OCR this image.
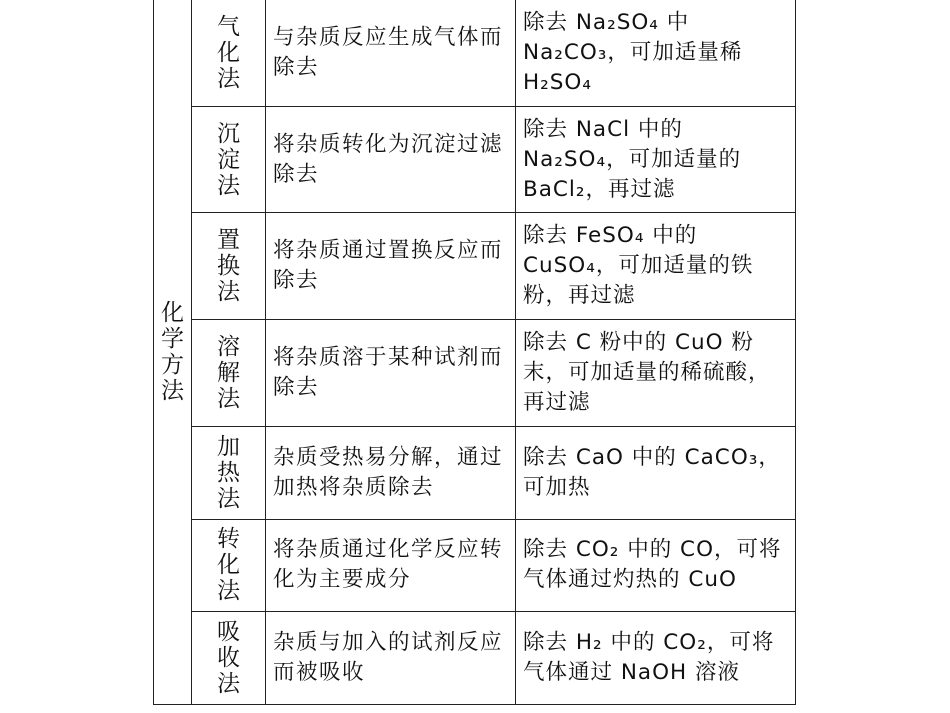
化学方法	气化法	与杂质反应生成气体而除去	除去 Na₂SO₄ 中 Na₂CO₃，可加适量稀 H₂SO₄
	沉淀法	将杂质转化为沉淀过滤除去	除去 NaCl 中的 Na₂SO₄，可加适量的 BaCl₂，再过滤
	置换法	将杂质通过置换反应而除去	除去 FeSO₄ 中的 CuSO₄，可加适量的铁粉，再过滤
	溶解法	将杂质溶于某种试剂而除去	除去 C 粉中的 CuO 粉末，可加适量的稀硫酸，再过滤
	加热法	杂质受热易分解，通过加热将杂质除去	除去 CaO 中的 CaCO₃，可加热
	转化法	将杂质通过化学反应转化为主要成分	除去 CO₂ 中的 CO，可将气体通过灼热的 CuO
	吸收法	杂质与加入的试剂反应而被吸收	除去 H₂ 中的 CO₂，可将气体通过 NaOH 溶液
